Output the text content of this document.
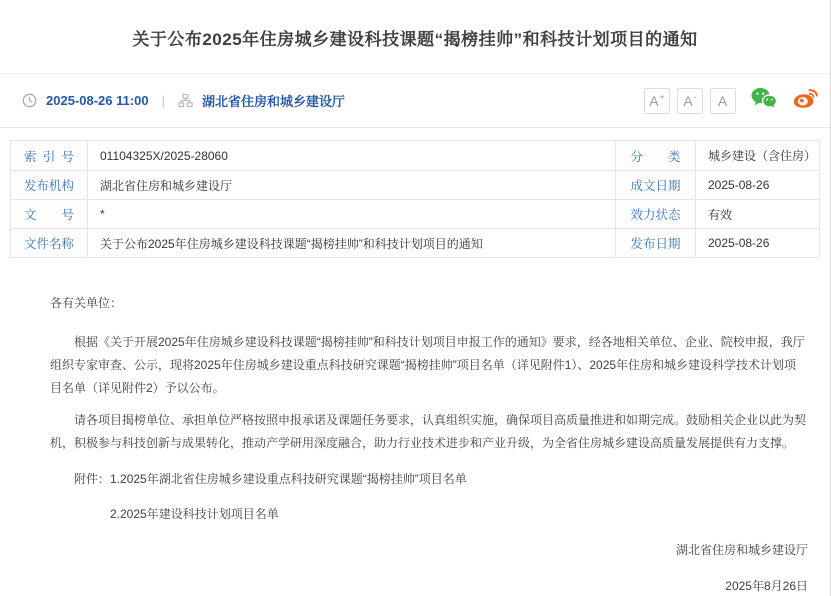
关于公布2025年住房城乡建设科技课题“揭榜挂帅”和科技计划项目的通知
2025-08-26 11:00	|	湖北省住房和城乡建设厅	A+ A- A
索引号	01104325X/2025-28060	分类	城乡建设（含住房）
发布机构	湖北省住房和城乡建设厅	成文日期	2025-08-26
文号	*	效力状态	有效
文件名称	关于公布2025年住房城乡建设科技课题“揭榜挂帅”和科技计划项目的通知	发布日期	2025-08-26

各有关单位：

根据《关于开展2025年住房城乡建设科技课题“揭榜挂帅”和科技计划项目申报工作的通知》要求，经各地相关单位、企业、院校申报，我厅组织专家审查、公示，现将2025年住房城乡建设重点科技研究课题“揭榜挂帅”项目名单（详见附件1）、2025年住房和城乡建设科学技术计划项目名单（详见附件2）予以公布。

请各项目揭榜单位、承担单位严格按照申报承诺及课题任务要求，认真组织实施，确保项目高质量推进和如期完成。鼓励相关企业以此为契机，积极参与科技创新与成果转化，推动产学研用深度融合，助力行业技术进步和产业升级，为全省住房城乡建设高质量发展提供有力支撑。

附件：1.2025年湖北省住房城乡建设重点科技研究课题“揭榜挂帅”项目名单

2.2025年建设科技计划项目名单

湖北省住房和城乡建设厅

2025年8月26日
